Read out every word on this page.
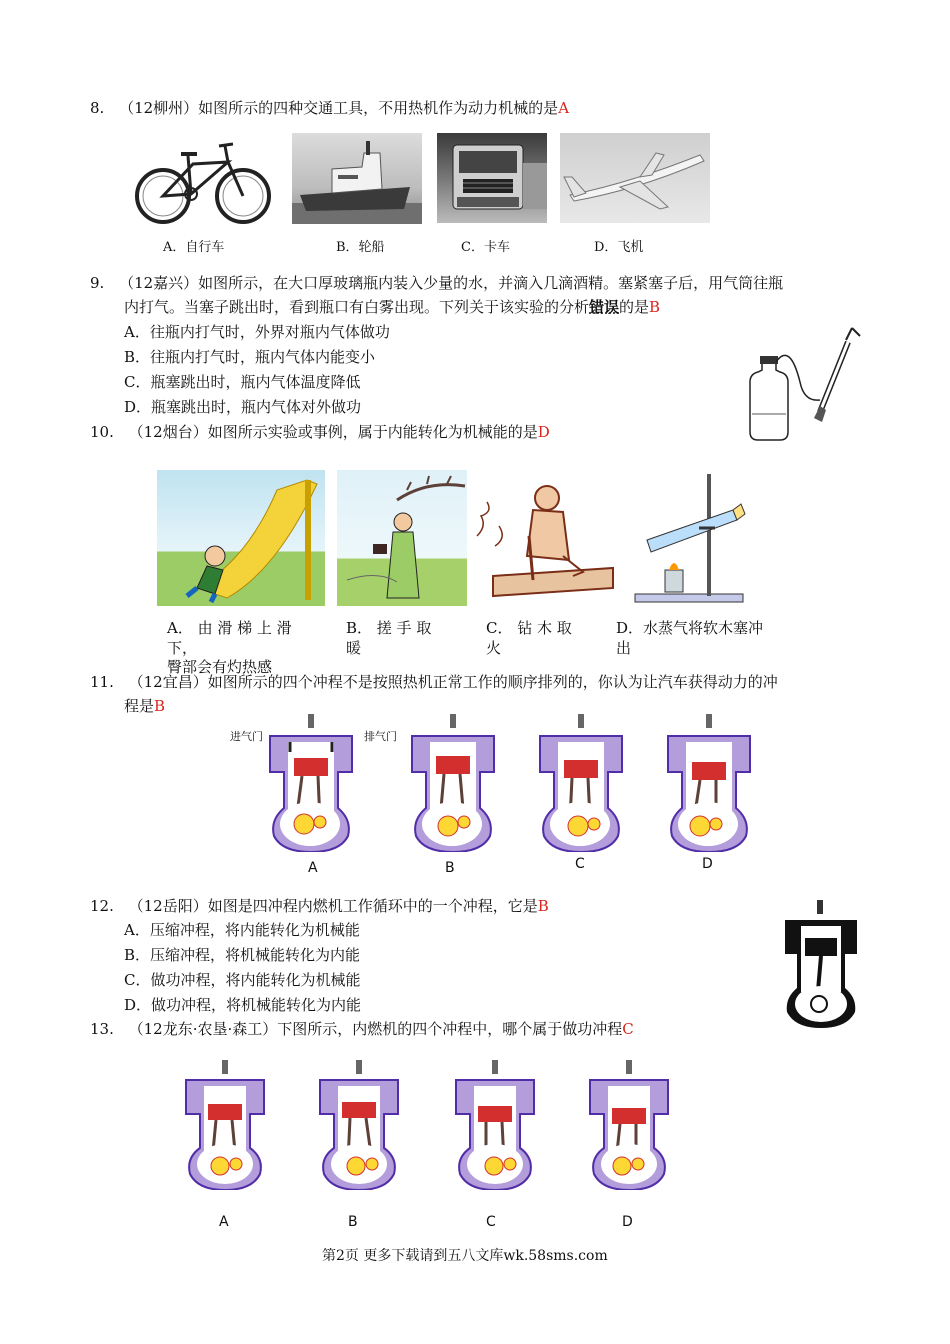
8. （12柳州）如图所示的四种交通工具，不用热机作为动力机械的是A
A．自行车	B．轮船	C．卡车	D．飞机
9. （12嘉兴）如图所示，在大口厚玻璃瓶内装入少量的水，并滴入几滴酒精。塞紧塞子后，用气筒往瓶
内打气。当塞子跳出时，看到瓶口有白雾出现。下列关于该实验的分析错误的是B
A．往瓶内打气时，外界对瓶内气体做功
B．往瓶内打气时，瓶内气体内能变小
C．瓶塞跳出时，瓶内气体温度降低
D．瓶塞跳出时，瓶内气体对外做功
10. （12烟台）如图所示实验或事例，属于内能转化为机械能的是D
A． 由 滑 梯 上 滑
下，
臀部会有灼热感
B． 搓 手 取
暖
C． 钻 木 取
火
D．水蒸气将软木塞冲
出
11. （12宜昌）如图所示的四个冲程不是按照热机正常工作的顺序排列的，你认为让汽车获得动力的冲
程是B
进气门	排气门
A	B	C	D
12. （12岳阳）如图是四冲程内燃机工作循环中的一个冲程，它是B
A．压缩冲程，将内能转化为机械能
B．压缩冲程，将机械能转化为内能
C．做功冲程，将内能转化为机械能
D．做功冲程，将机械能转化为内能
13. （12龙东·农垦·森工）下图所示，内燃机的四个冲程中，哪个属于做功冲程C
A	B	C	D
第2页 更多下载请到五八文库wk.58sms.com
